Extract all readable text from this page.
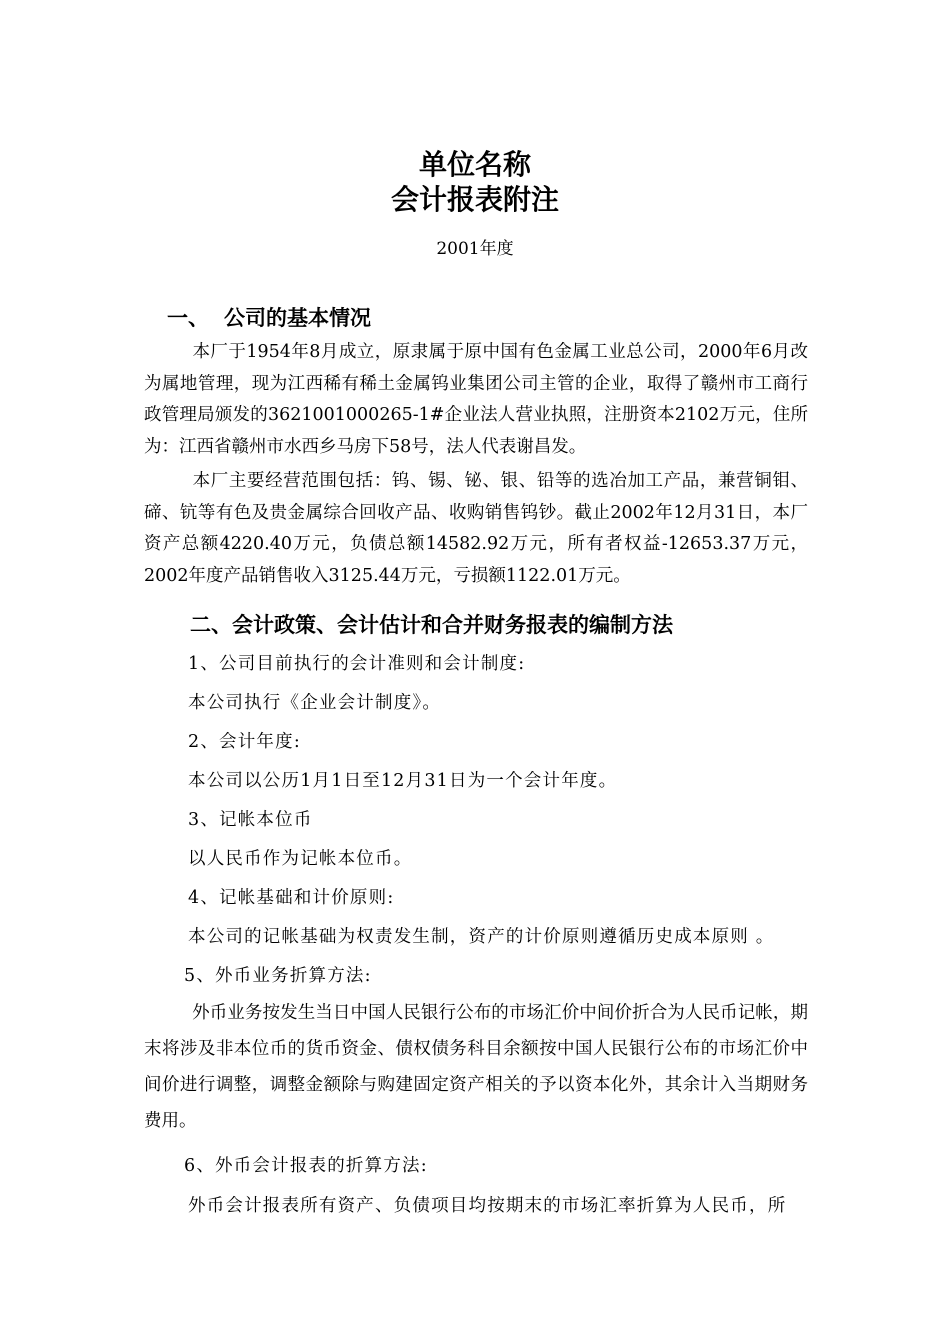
单位名称
会计报表附注
2001年度
一、 公司的基本情况
本厂于1954年8月成立，原隶属于原中国有色金属工业总公司，2000年6月改为属地管理，现为江西稀有稀土金属钨业集团公司主管的企业，取得了赣州市工商行政管理局颁发的3621001000265-1#企业法人营业执照，注册资本2102万元，住所为：江西省赣州市水西乡马房下58号，法人代表谢昌发。
本厂主要经营范围包括：钨、锡、铋、银、铅等的选冶加工产品，兼营铜钼、碲、钪等有色及贵金属综合回收产品、收购销售钨钞。截止2002年12月31日，本厂资产总额4220.40万元，负债总额14582.92万元，所有者权益-12653.37万元，2002年度产品销售收入3125.44万元，亏损额1122.01万元。
二、会计政策、会计估计和合并财务报表的编制方法
1、公司目前执行的会计准则和会计制度:
本公司执行《企业会计制度》。
2、会计年度:
本公司以公历1月1日至12月31日为一个会计年度。
3、记帐本位币
以人民币作为记帐本位币。
4、记帐基础和计价原则:
本公司的记帐基础为权责发生制，资产的计价原则遵循历史成本原则 。
5、外币业务折算方法:
外币业务按发生当日中国人民银行公布的市场汇价中间价折合为人民币记帐，期末将涉及非本位币的货币资金、债权债务科目余额按中国人民银行公布的市场汇价中间价进行调整，调整金额除与购建固定资产相关的予以资本化外，其余计入当期财务费用。
6、外币会计报表的折算方法:
外币会计报表所有资产、负债项目均按期末的市场汇率折算为人民币，所
